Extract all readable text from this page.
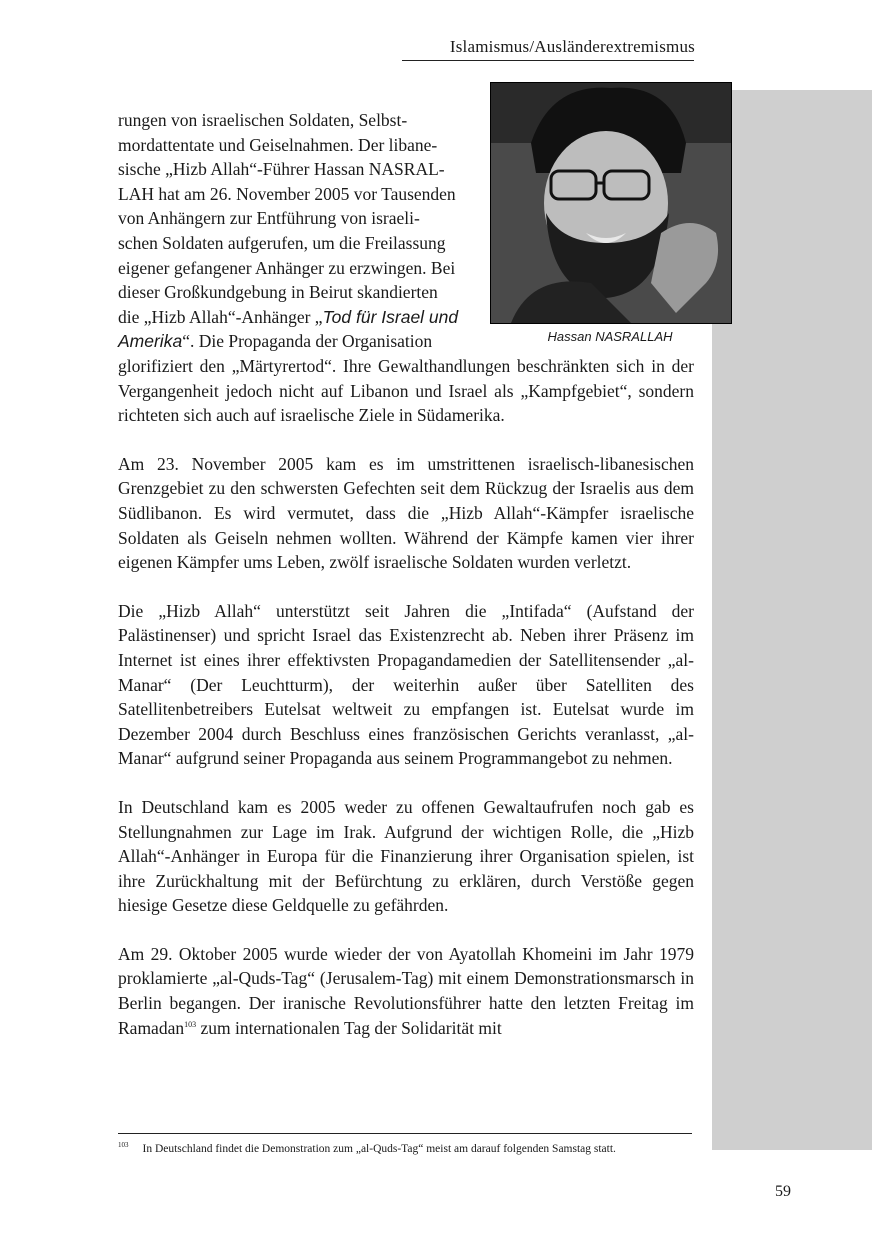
Islamismus/Ausländerextremismus
Hassan NASRALLAH
rungen von israelischen Soldaten, Selbst-
mordattentate und Geiselnahmen. Der libane-
sische „Hizb Allah“-Führer Hassan NASRAL-
LAH hat am 26. November 2005 vor Tausenden
von Anhängern zur Entführung von israeli-
schen Soldaten aufgerufen, um die Freilassung
eigener gefangener Anhänger zu erzwingen. Bei
dieser Großkundgebung in Beirut skandierten
die „Hizb Allah“-Anhänger „Tod für Israel und
Amerika“. Die Propaganda der Organisation

glorifiziert den „Märtyrertod“. Ihre Gewalthandlungen beschränkten sich in der Vergangenheit jedoch nicht auf Libanon und Israel als „Kampfgebiet“, sondern richteten sich auch auf israelische Ziele in Südamerika.

Am 23. November 2005 kam es im umstrittenen israelisch-libanesischen Grenzgebiet zu den schwersten Gefechten seit dem Rückzug der Israelis aus dem Südlibanon. Es wird vermutet, dass die „Hizb Allah“-Kämpfer israelische Soldaten als Geiseln nehmen wollten. Während der Kämpfe kamen vier ihrer eigenen Kämpfer ums Leben, zwölf israelische Soldaten wurden verletzt.

Die „Hizb Allah“ unterstützt seit Jahren die „Intifada“ (Aufstand der Palästinenser) und spricht Israel das Existenzrecht ab. Neben ihrer Präsenz im Internet ist eines ihrer effektivsten Propagandamedien der Satellitensender „al-Manar“ (Der Leuchtturm), der weiterhin außer über Satelliten des Satellitenbetreibers Eutelsat weltweit zu empfangen ist. Eutelsat wurde im Dezember 2004 durch Beschluss eines französischen Gerichts veranlasst, „al-Manar“ aufgrund seiner Propaganda aus seinem Programmangebot zu nehmen.

In Deutschland kam es 2005 weder zu offenen Gewaltaufrufen noch gab es Stellungnahmen zur Lage im Irak. Aufgrund der wichtigen Rolle, die „Hizb Allah“-Anhänger in Europa für die Finanzierung ihrer Organisation spielen, ist ihre Zurückhaltung mit der Befürchtung zu erklären, durch Verstöße gegen hiesige Gesetze diese Geldquelle zu gefährden.

Am 29. Oktober 2005 wurde wieder der von Ayatollah Khomeini im Jahr 1979 proklamierte „al-Quds-Tag“ (Jerusalem-Tag) mit einem Demonstrationsmarsch in Berlin begangen. Der iranische Revolutionsführer hatte den letzten Freitag im Ramadan$^{103}$ zum internationalen Tag der Solidarität mit

$^{103}$ In Deutschland findet die Demonstration zum „al-Quds-Tag“ meist am darauf folgenden Samstag statt.
59
